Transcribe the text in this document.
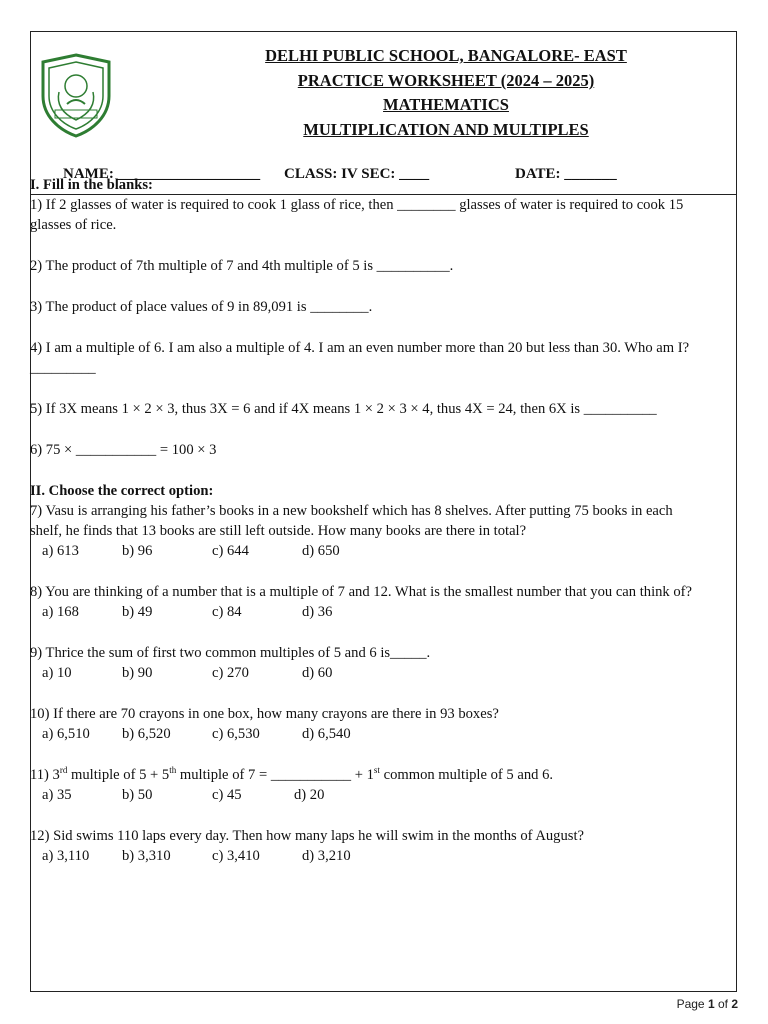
DELHI PUBLIC SCHOOL, BANGALORE- EAST
PRACTICE WORKSHEET (2024 – 2025)
MATHEMATICS
MULTIPLICATION AND MULTIPLES
NAME: ___________________ CLASS: IV SEC: ____	DATE: _______

I. Fill in the blanks:

1) If 2 glasses of water is required to cook 1 glass of rice, then ________ glasses of water is required to cook 15 glasses of rice.

2) The product of 7th multiple of 7 and 4th multiple of 5 is __________.

3) The product of place values of 9 in 89,091 is ________.

4) I am a multiple of 6. I am also a multiple of 4. I am an even number more than 20 but less than 30. Who am I?_________

5) If 3X means 1 × 2 × 3, thus 3X = 6 and if 4X means 1 × 2 × 3 × 4, thus 4X = 24, then 6X is __________

6) 75 × ___________ = 100 × 3

II. Choose the correct option:

7) Vasu is arranging his father’s books in a new bookshelf which has 8 shelves. After putting 75 books in each shelf, he finds that 13 books are still left outside. How many books are there in total?

a) 613	b) 96	c) 644	d) 650

8) You are thinking of a number that is a multiple of 7 and 12. What is the smallest number that you can think of?

a) 168	b) 49	c) 84	d) 36

9) Thrice the sum of first two common multiples of 5 and 6 is_____.

a) 10	b) 90	c) 270	d) 60

10) If there are 70 crayons in one box, how many crayons are there in 93 boxes?

a) 6,510 b) 6,520	c) 6,530	d) 6,540

11) 3rd multiple of 5 + 5th multiple of 7 = ___________ + 1st common multiple of 5 and 6.

a) 35	b) 50	c) 45	d) 20

12) Sid swims 110 laps every day. Then how many laps he will swim in the months of August?

a) 3,110 b) 3,310	c) 3,410	d) 3,210
Page 1 of 2
